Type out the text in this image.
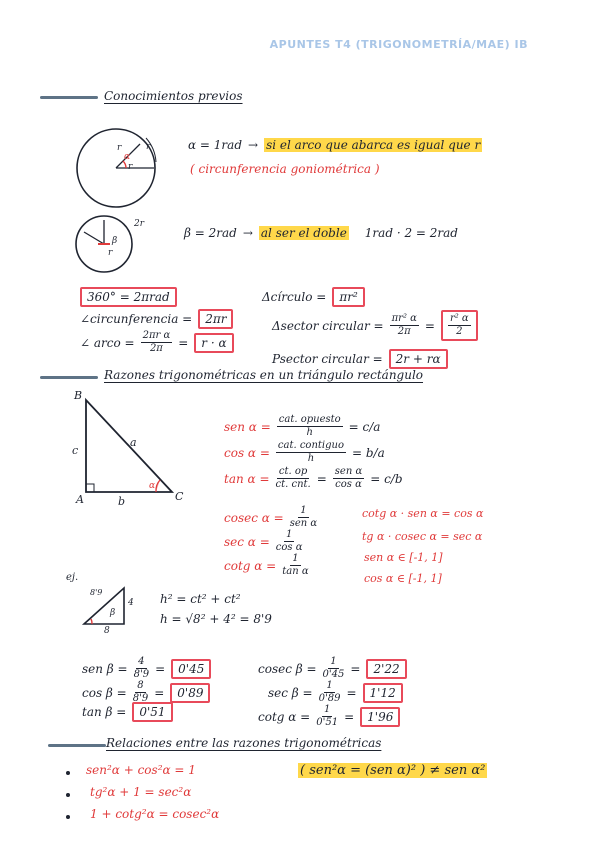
APUNTES T4 (TRIGONOMETRÍA/MAE) IB
Conocimientos previos
r
r
r
α
α = 1rad → si el arco que abarca es igual que r
( circunferencia goniométrica )
2r
r
β
β = 2rad → al ser el doble 1rad · 2 = 2rad
360° = 2πrad
∠circunferencia =	2πr
∠ arco = $\frac{\text{2πr α}}{2\pi}$ =	r · α
Δcírculo =	πr²
Δsector circular = $\frac{\text{πr² α}}{2\pi} = \frac{\text{r² α}}{2}$
Psector circular =	2r + rα
Razones trigonométricas en un triángulo rectángulo
B
A	C
c
a
b
α
sen $\alpha = \frac{\text{cat. opuesto}}{h} = c/a$
$\cos \alpha = \frac{\text{cat. contiguo}}{h} = b/a$
$\tan \alpha = \frac{ct. op}{\text{ct. cnt.}} = \frac{\text{sen α}}{\text{cos α}} = c/b$
cosec $\alpha = \frac{1}{\text{sen α}}$
$\sec \alpha = \frac{1}{\text{cos α}}$
cotg $\alpha = \frac{1}{\text{tan α}}$
cotg α · sen α = cos α
tg α · cosec α = sec α
sen α ∈ [-1, 1]
cos α ∈ [-1, 1]
ej.
8'9
4
8
β
h² = ct² + ct²
h = √8² + 4² = 8'9
sen $\beta = \frac{4}{8'9}$ =	0'45
$\cos \beta = \frac{8}{8'9}$ =	0'89
tan β =	0'51
cosec $\beta = \frac{1}{0'45}$ =	2'22
$\sec \beta = \frac{1}{0'89}$ =	1'12
cotg $\alpha = \frac{1}{0'51}$ =	1'96
Relaciones entre las razones trigonométricas
sen²α + cos²α = 1
tg²α + 1 = sec²α
1 + cotg²α = cosec²α
( sen²α = (sen α)² ) ≠ sen α²
